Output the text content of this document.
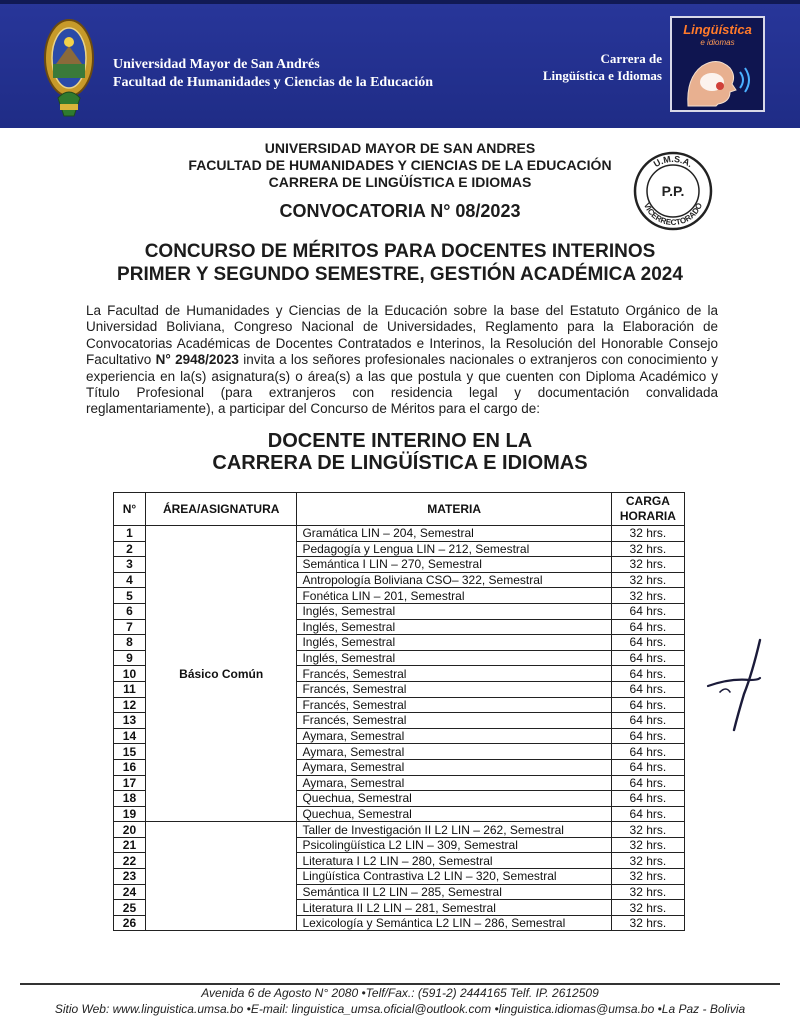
Universidad Mayor de San Andrés
Facultad de Humanidades y Ciencias de la Educación
Carrera de
Lingüística e Idiomas
Lingüística
e idiomas
UNIVERSIDAD MAYOR DE SAN ANDRES
FACULTAD DE HUMANIDADES Y CIENCIAS DE LA EDUCACIÓN
CARRERA DE LINGÜÍSTICA E IDIOMAS
CONVOCATORIA N° 08/2023
U.M.S.A.
VICERRECTORADO
P.P.
CONCURSO DE MÉRITOS PARA DOCENTES INTERINOS
PRIMER Y SEGUNDO SEMESTRE, GESTIÓN ACADÉMICA 2024
La Facultad de Humanidades y Ciencias de la Educación sobre la base del Estatuto Orgánico de la Universidad Boliviana, Congreso Nacional de Universidades, Reglamento para la Elaboración de Convocatorias Académicas de Docentes Contratados e Interinos, la Resolución del Honorable Consejo Facultativo N° 2948/2023 invita a los señores profesionales nacionales o extranjeros con conocimiento y experiencia en la(s) asignatura(s) o área(s) a las que postula y que cuenten con Diploma Académico y Título Profesional (para extranjeros con residencia legal y documentación convalidada reglamentariamente), a participar del Concurso de Méritos para el cargo de:
DOCENTE INTERINO EN LA
CARRERA DE LINGÜÍSTICA E IDIOMAS
N°	ÁREA/ASIGNATURA	MATERIA	CARGA HORARIA
1	Básico Común	Gramática LIN – 204, Semestral	32 hrs.
2		Pedagogía y Lengua LIN – 212, Semestral	32 hrs.
3		Semántica I LIN – 270, Semestral	32 hrs.
4		Antropología Boliviana CSO– 322, Semestral	32 hrs.
5		Fonética LIN – 201, Semestral	32 hrs.
6		Inglés, Semestral	64 hrs.
7		Inglés, Semestral	64 hrs.
8		Inglés, Semestral	64 hrs.
9		Inglés, Semestral	64 hrs.
10		Francés, Semestral	64 hrs.
11		Francés, Semestral	64 hrs.
12		Francés, Semestral	64 hrs.
13		Francés, Semestral	64 hrs.
14		Aymara, Semestral	64 hrs.
15		Aymara, Semestral	64 hrs.
16		Aymara, Semestral	64 hrs.
17		Aymara, Semestral	64 hrs.
18		Quechua, Semestral	64 hrs.
19		Quechua, Semestral	64 hrs.
20		Taller de Investigación II L2 LIN – 262, Semestral	32 hrs.
21		Psicolingüística L2 LIN – 309, Semestral	32 hrs.
22		Literatura I L2 LIN – 280, Semestral	32 hrs.
23		Lingüística Contrastiva L2 LIN – 320, Semestral	32 hrs.
24		Semántica II L2 LIN – 285, Semestral	32 hrs.
25		Literatura II L2 LIN – 281, Semestral	32 hrs.
26		Lexicología y Semántica L2 LIN – 286, Semestral	32 hrs.
Avenida 6 de Agosto N° 2080 •Telf/Fax.: (591-2) 2444165 Telf. IP. 2612509
Sitio Web: www.linguistica.umsa.bo •E-mail: linguistica_umsa.oficial@outlook.com •linguistica.idiomas@umsa.bo •La Paz - Bolivia
